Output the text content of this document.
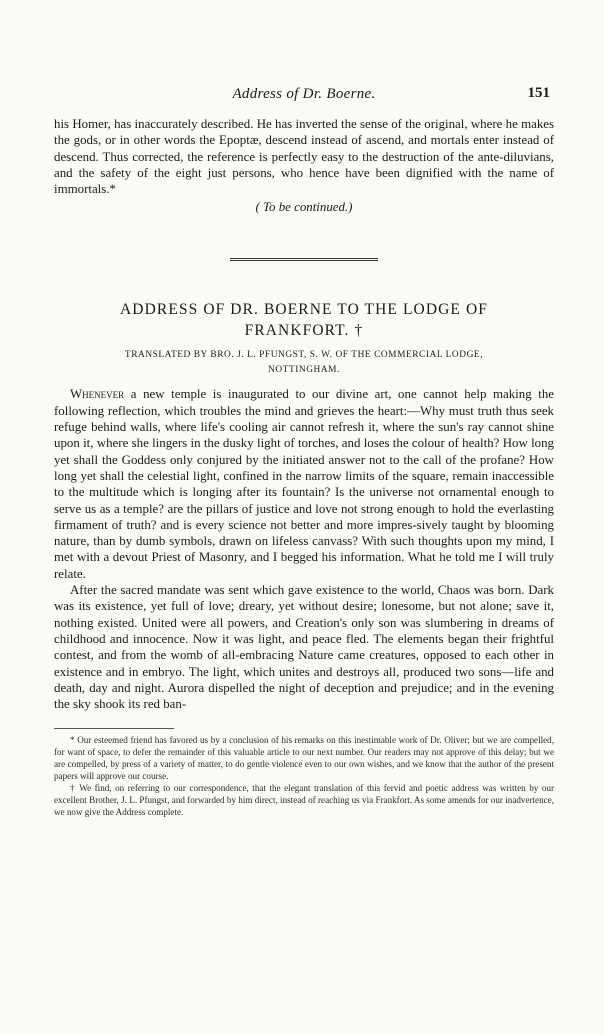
Address of Dr. Boerne.	151

his Homer, has inaccurately described. He has inverted the sense of the original, where he makes the gods, or in other words the Epoptæ, descend instead of ascend, and mortals enter instead of descend. Thus corrected, the reference is perfectly easy to the destruction of the ante-diluvians, and the safety of the eight just persons, who hence have been dignified with the name of immortals.*

( To be continued.)

ADDRESS OF DR. BOERNE TO THE LODGE OF
FRANKFORT. †
TRANSLATED BY BRO. J. L. PFUNGST, S. W. OF THE COMMERCIAL LODGE,
NOTTINGHAM.

Whenever a new temple is inaugurated to our divine art, one cannot help making the following reflection, which troubles the mind and grieves the heart:—Why must truth thus seek refuge behind walls, where life's cooling air cannot refresh it, where the sun's ray cannot shine upon it, where she lingers in the dusky light of torches, and loses the colour of health? How long yet shall the Goddess only conjured by the initiated answer not to the call of the profane? How long yet shall the celestial light, confined in the narrow limits of the square, remain inaccessible to the multitude which is longing after its fountain? Is the universe not ornamental enough to serve us as a temple? are the pillars of justice and love not strong enough to hold the everlasting firmament of truth? and is every science not better and more impres-sively taught by blooming nature, than by dumb symbols, drawn on lifeless canvass? With such thoughts upon my mind, I met with a devout Priest of Masonry, and I begged his information. What he told me I will truly relate.

After the sacred mandate was sent which gave existence to the world, Chaos was born. Dark was its existence, yet full of love; dreary, yet without desire; lonesome, but not alone; save it, nothing existed. United were all powers, and Creation's only son was slumbering in dreams of childhood and innocence. Now it was light, and peace fled. The elements began their frightful contest, and from the womb of all-embracing Nature came creatures, opposed to each other in existence and in embryo. The light, which unites and destroys all, produced two sons—life and death, day and night. Aurora dispelled the night of deception and prejudice; and in the evening the sky shook its red ban-

* Our esteemed friend has favored us by a conclusion of his remarks on this inestimable work of Dr. Oliver; but we are compelled, for want of space, to defer the remainder of this valuable article to our next number. Our readers may not approve of this delay; but we are compelled, by press of a variety of matter, to do gentle violence even to our own wishes, and we know that the author of the present papers will approve our course.

† We find, on referring to our correspondence, that the elegant translation of this fervid and poetic address was written by our excellent Brother, J. L. Pfungst, and forwarded by him direct, instead of reaching us via Frankfort. As some amends for our inadvertence, we now give the Address complete.
